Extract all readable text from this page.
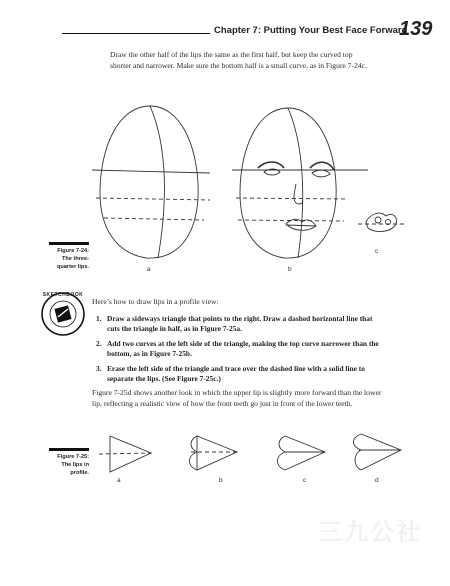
Chapter 7: Putting Your Best Face Forward
139
Draw the other half of the lips the same as the first half, but keep the curved top shorter and narrower. Make sure the bottom half is a small curve, as in Figure 7-24c.
Figure 7-24: The three-quarter lips.	a	b
c
SKETCHBOOK
Here’s how to draw lips in a profile view:
1. Draw a sideways triangle that points to the right. Draw a dashed horizontal line that cuts the triangle in half, as in Figure 7-25a.
2. Add two curves at the left side of the triangle, making the top curve narrower than the bottom, as in Figure 7-25b.
3. Erase the left side of the triangle and trace over the dashed line with a solid line to separate the lips. (See Figure 7-25c.)
Figure 7-25d shows another look in which the upper lip is slightly more forward than the lower lip, reflecting a realistic view of how the front teeth go just in front of the lower teeth.
Figure 7-25: The lips in profile.
a	b	c	d
三九公社
